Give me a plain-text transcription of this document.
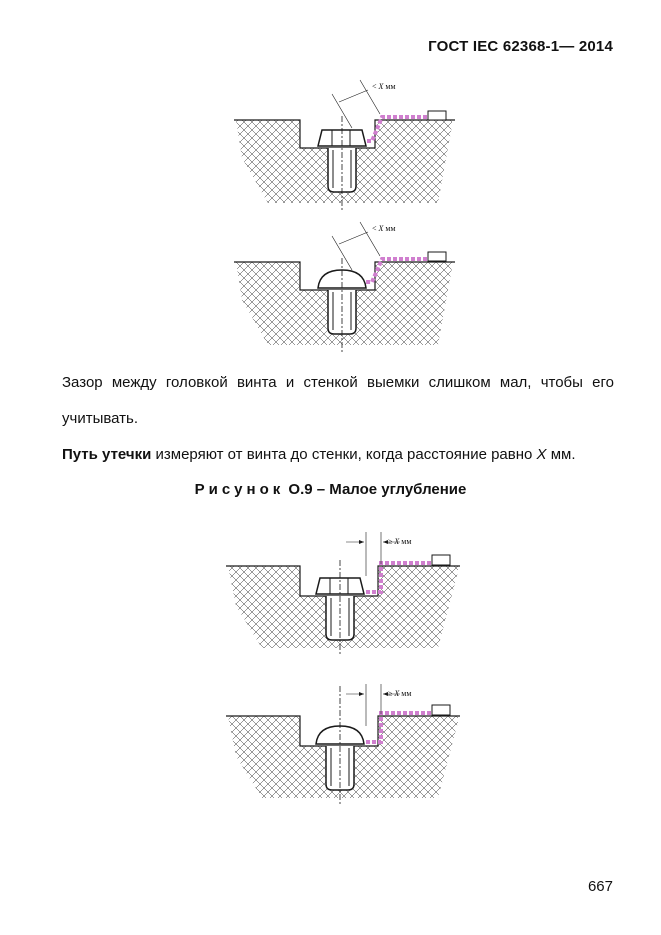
ГОСТ IEC 62368-1— 2014
< X мм
< X мм
Зазор между головкой винта и стенкой выемки слишком мал, чтобы его
учитывать.
Путь утечки измеряют от винта до стенки, когда расстояние равно X мм.
Рисунок О.9 – Малое углубление
≥ X мм
≥ X мм
667
